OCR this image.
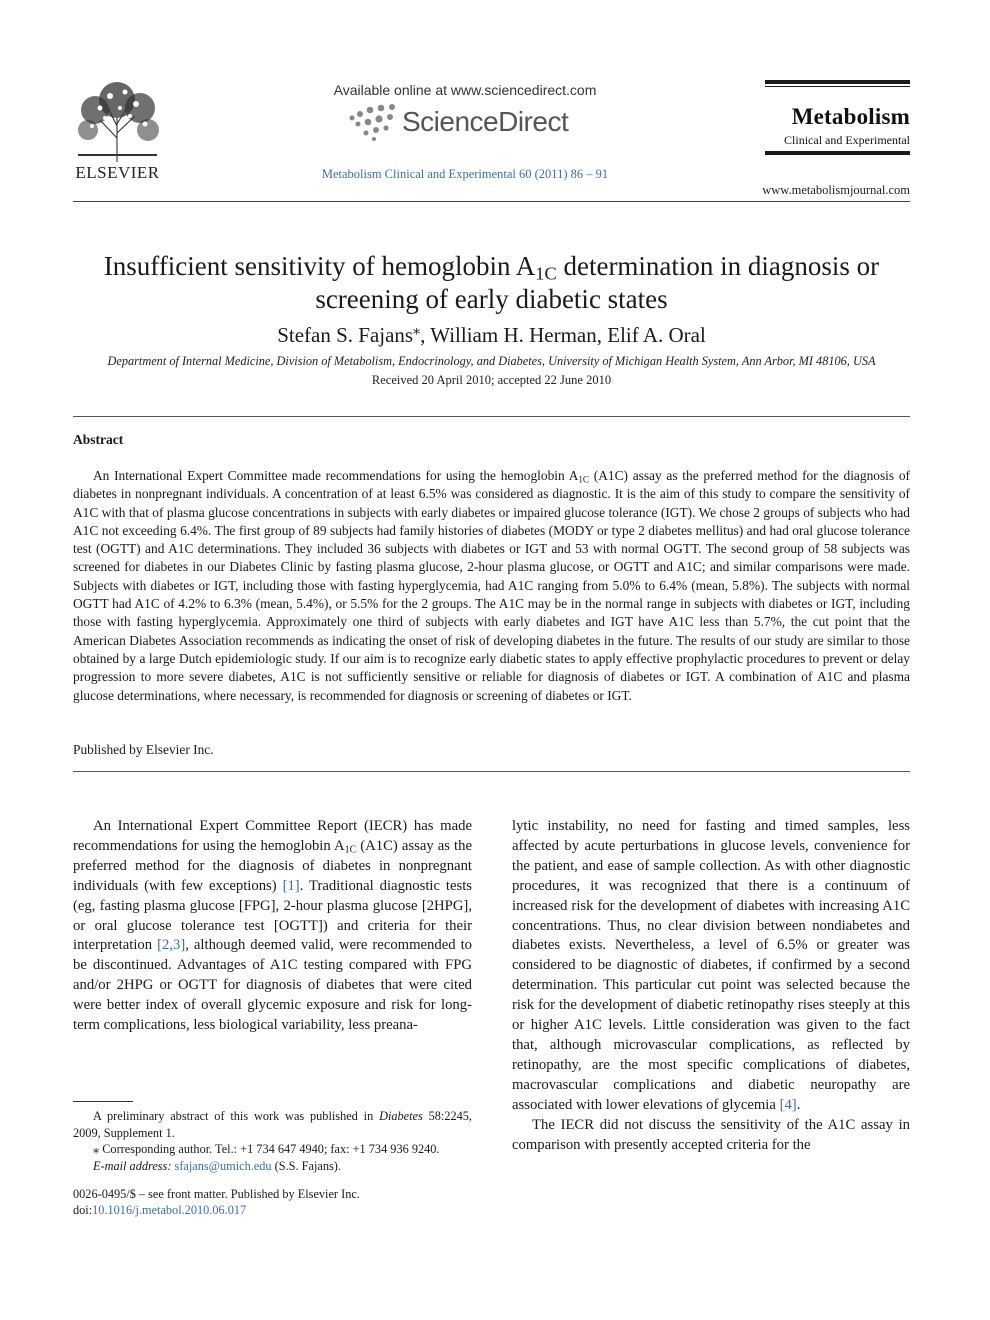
ELSEVIER
Available online at www.sciencedirect.com
ScienceDirect
Metabolism Clinical and Experimental 60 (2011) 86 – 91
Metabolism
Clinical and Experimental
www.metabolismjournal.com
Insufficient sensitivity of hemoglobin $A_{1C}$ determination in diagnosis or screening of early diabetic states
Stefan S. Fajans⁎, William H. Herman, Elif A. Oral
Department of Internal Medicine, Division of Metabolism, Endocrinology, and Diabetes, University of Michigan Health System, Ann Arbor, MI 48106, USA
Received 20 April 2010; accepted 22 June 2010
Abstract

An International Expert Committee made recommendations for using the hemoglobin $A_{1C}$ (A1C) assay as the preferred method for the diagnosis of diabetes in nonpregnant individuals. A concentration of at least 6.5% was considered as diagnostic. It is the aim of this study to compare the sensitivity of A1C with that of plasma glucose concentrations in subjects with early diabetes or impaired glucose tolerance (IGT). We chose 2 groups of subjects who had A1C not exceeding 6.4%. The first group of 89 subjects had family histories of diabetes (MODY or type 2 diabetes mellitus) and had oral glucose tolerance test (OGTT) and A1C determinations. They included 36 subjects with diabetes or IGT and 53 with normal OGTT. The second group of 58 subjects was screened for diabetes in our Diabetes Clinic by fasting plasma glucose, 2-hour plasma glucose, or OGTT and A1C; and similar comparisons were made. Subjects with diabetes or IGT, including those with fasting hyperglycemia, had A1C ranging from 5.0% to 6.4% (mean, 5.8%). The subjects with normal OGTT had A1C of 4.2% to 6.3% (mean, 5.4%), or 5.5% for the 2 groups. The A1C may be in the normal range in subjects with diabetes or IGT, including those with fasting hyperglycemia. Approximately one third of subjects with early diabetes and IGT have A1C less than 5.7%, the cut point that the American Diabetes Association recommends as indicating the onset of risk of developing diabetes in the future. The results of our study are similar to those obtained by a large Dutch epidemiologic study. If our aim is to recognize early diabetic states to apply effective prophylactic procedures to prevent or delay progression to more severe diabetes, A1C is not sufficiently sensitive or reliable for diagnosis of diabetes or IGT. A combination of A1C and plasma glucose determinations, where necessary, is recommended for diagnosis or screening of diabetes or IGT.

Published by Elsevier Inc.

An International Expert Committee Report (IECR) has made recommendations for using the hemoglobin $A_{1C}$ (A1C) assay as the preferred method for the diagnosis of diabetes in nonpregnant individuals (with few exceptions) [1]. Traditional diagnostic tests (eg, fasting plasma glucose [FPG], 2-hour plasma glucose [2HPG], or oral glucose tolerance test [OGTT]) and criteria for their interpretation [2,3], although deemed valid, were recommended to be discontinued. Advantages of A1C testing compared with FPG and/or 2HPG or OGTT for diagnosis of diabetes that were cited were better index of overall glycemic exposure and risk for long-term complications, less biological variability, less preana-

lytic instability, no need for fasting and timed samples, less affected by acute perturbations in glucose levels, convenience for the patient, and ease of sample collection. As with other diagnostic procedures, it was recognized that there is a continuum of increased risk for the development of diabetes with increasing A1C concentrations. Thus, no clear division between nondiabetes and diabetes exists. Nevertheless, a level of 6.5% or greater was considered to be diagnostic of diabetes, if confirmed by a second determination. This particular cut point was selected because the risk for the development of diabetic retinopathy rises steeply at this or higher A1C levels. Little consideration was given to the fact that, although microvascular complications, as reflected by retinopathy, are the most specific complications of diabetes, macrovascular complications and diabetic neuropathy are associated with lower elevations of glycemia [4].

The IECR did not discuss the sensitivity of the A1C assay in comparison with presently accepted criteria for the

A preliminary abstract of this work was published in Diabetes 58:2245, 2009, Supplement 1.

⁎ Corresponding author. Tel.: +1 734 647 4940; fax: +1 734 936 9240.

E-mail address: sfajans@umich.edu (S.S. Fajans).

0026-0495/$ – see front matter. Published by Elsevier Inc.
doi:10.1016/j.metabol.2010.06.017
